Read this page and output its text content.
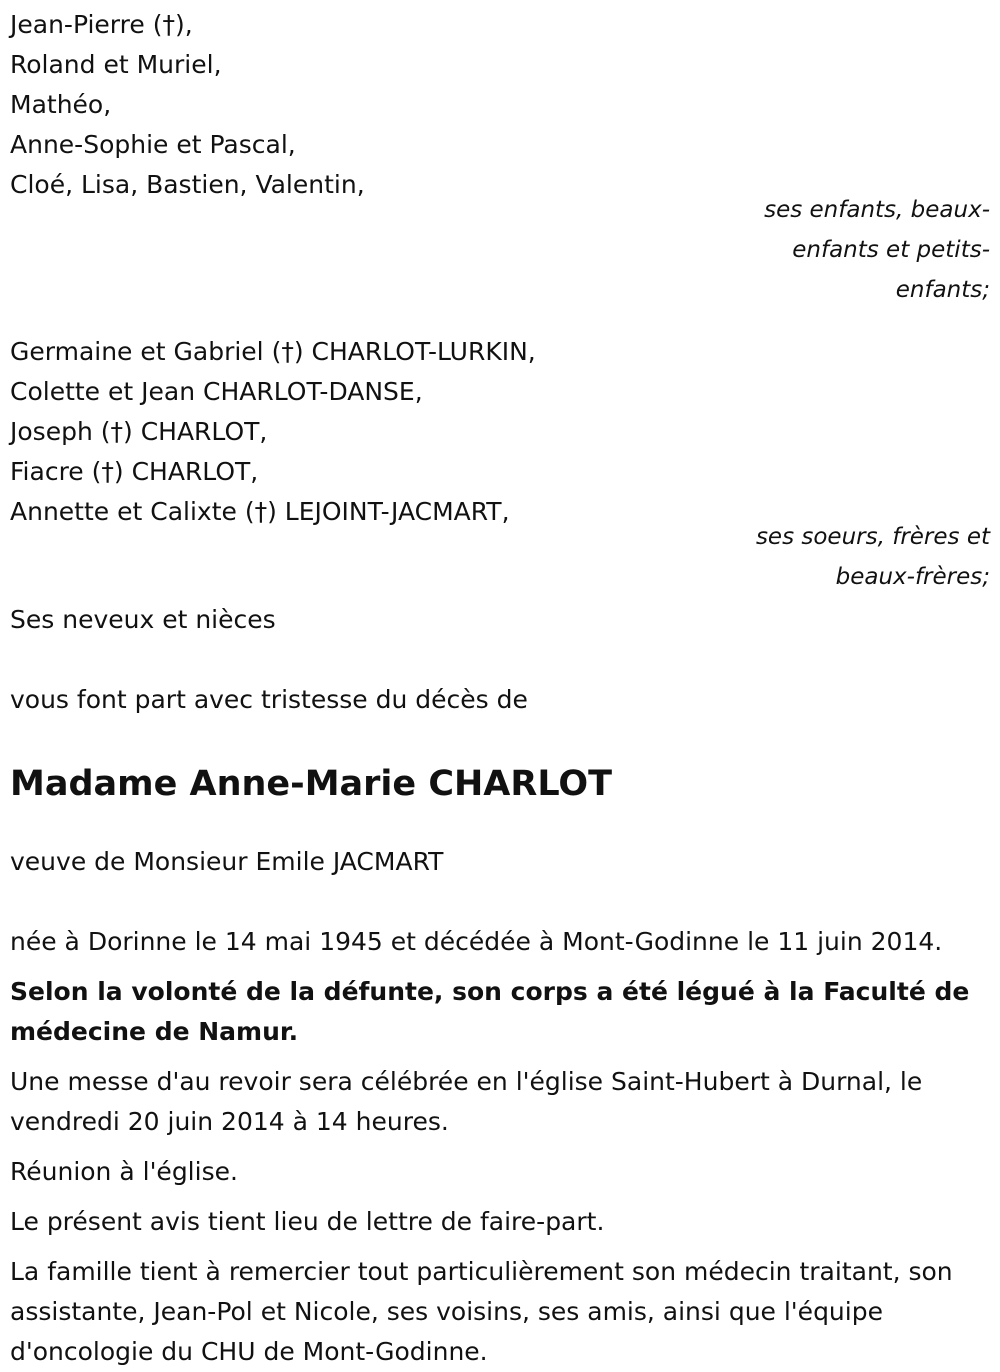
Jean-Pierre (†),

Roland et Muriel,

Mathéo,

Anne-Sophie et Pascal,

Cloé, Lisa, Bastien, Valentin,

ses enfants, beaux-

enfants et petits-

enfants;

Germaine et Gabriel (†) CHARLOT-LURKIN,

Colette et Jean CHARLOT-DANSE,

Joseph (†) CHARLOT,

Fiacre (†) CHARLOT,

Annette et Calixte (†) LEJOINT-JACMART,

ses soeurs, frères et

beaux-frères;

Ses neveux et nièces

vous font part avec tristesse du décès de

Madame Anne-Marie CHARLOT

veuve de Monsieur Emile JACMART

née à Dorinne le 14 mai 1945 et décédée à Mont-Godinne le 11 juin 2014.

Selon la volonté de la défunte, son corps a été légué à la Faculté de médecine de Namur.

Une messe d'au revoir sera célébrée en l'église Saint-Hubert à Durnal, le vendredi 20 juin 2014 à 14 heures.

Réunion à l'église.

Le présent avis tient lieu de lettre de faire-part.

La famille tient à remercier tout particulièrement son médecin traitant, son assistante, Jean-Pol et Nicole, ses voisins, ses amis, ainsi que l'équipe d'oncologie du CHU de Mont-Godinne.
